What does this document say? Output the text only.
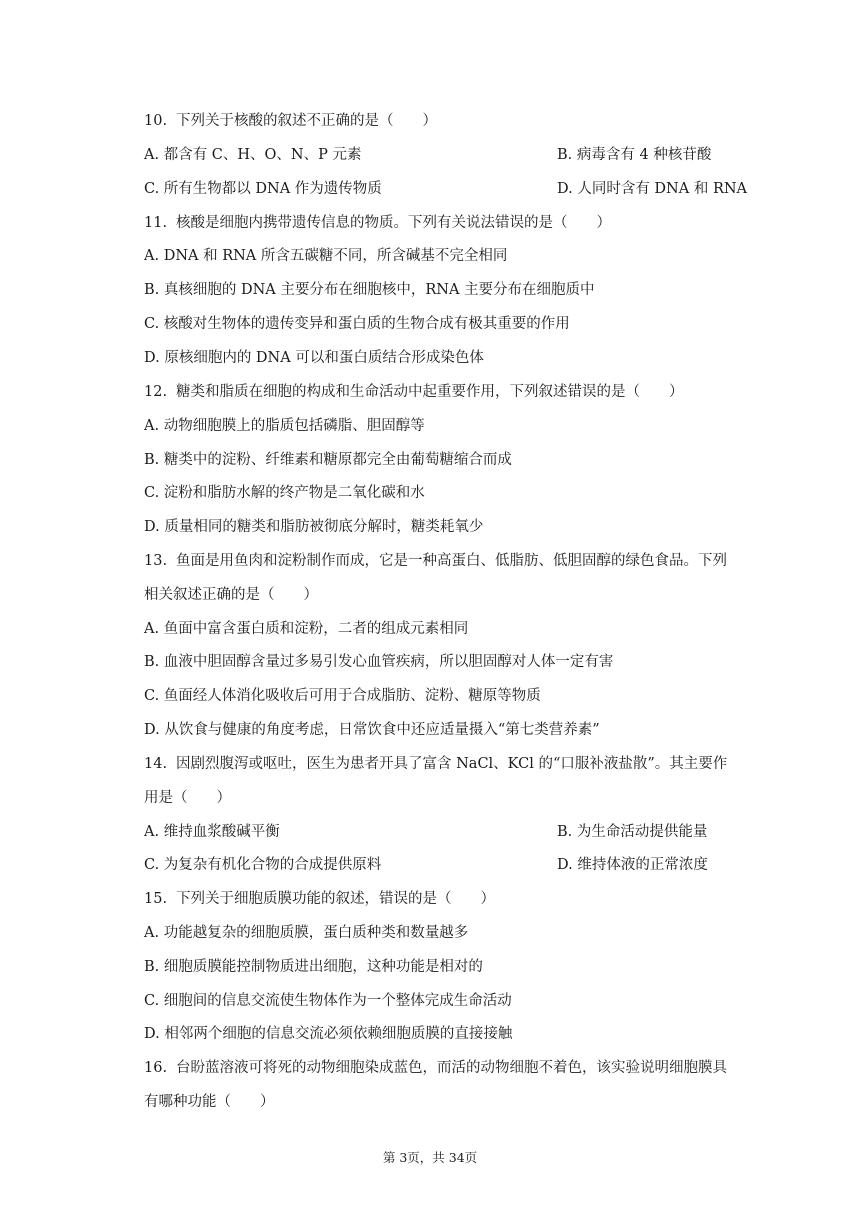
10. 下列关于核酸的叙述不正确的是（　　）
A. 都含有 C、H、O、N、P 元素	B. 病毒含有 4 种核苷酸
C. 所有生物都以 DNA 作为遗传物质	D. 人同时含有 DNA 和 RNA
11. 核酸是细胞内携带遗传信息的物质。下列有关说法错误的是（　　）
A. DNA 和 RNA 所含五碳糖不同，所含碱基不完全相同
B. 真核细胞的 DNA 主要分布在细胞核中，RNA 主要分布在细胞质中
C. 核酸对生物体的遗传变异和蛋白质的生物合成有极其重要的作用
D. 原核细胞内的 DNA 可以和蛋白质结合形成染色体
12. 糖类和脂质在细胞的构成和生命活动中起重要作用，下列叙述错误的是（　　）
A. 动物细胞膜上的脂质包括磷脂、胆固醇等
B. 糖类中的淀粉、纤维素和糖原都完全由葡萄糖缩合而成
C. 淀粉和脂肪水解的终产物是二氧化碳和水
D. 质量相同的糖类和脂肪被彻底分解时，糖类耗氧少
13. 鱼面是用鱼肉和淀粉制作而成，它是一种高蛋白、低脂肪、低胆固醇的绿色食品。下列
相关叙述正确的是（　　）
A. 鱼面中富含蛋白质和淀粉，二者的组成元素相同
B. 血液中胆固醇含量过多易引发心血管疾病，所以胆固醇对人体一定有害
C. 鱼面经人体消化吸收后可用于合成脂肪、淀粉、糖原等物质
D. 从饮食与健康的角度考虑，日常饮食中还应适量摄入“第七类营养素”
14. 因剧烈腹泻或呕吐，医生为患者开具了富含 NaCl、KCl 的“口服补液盐散”。其主要作
用是（　　）
A. 维持血浆酸碱平衡	B. 为生命活动提供能量
C. 为复杂有机化合物的合成提供原料	D. 维持体液的正常浓度
15. 下列关于细胞质膜功能的叙述，错误的是（　　）
A. 功能越复杂的细胞质膜，蛋白质种类和数量越多
B. 细胞质膜能控制物质进出细胞，这种功能是相对的
C. 细胞间的信息交流使生物体作为一个整体完成生命活动
D. 相邻两个细胞的信息交流必须依赖细胞质膜的直接接触
16. 台盼蓝溶液可将死的动物细胞染成蓝色，而活的动物细胞不着色，该实验说明细胞膜具
有哪种功能（　　）
第 3页，共 34页
